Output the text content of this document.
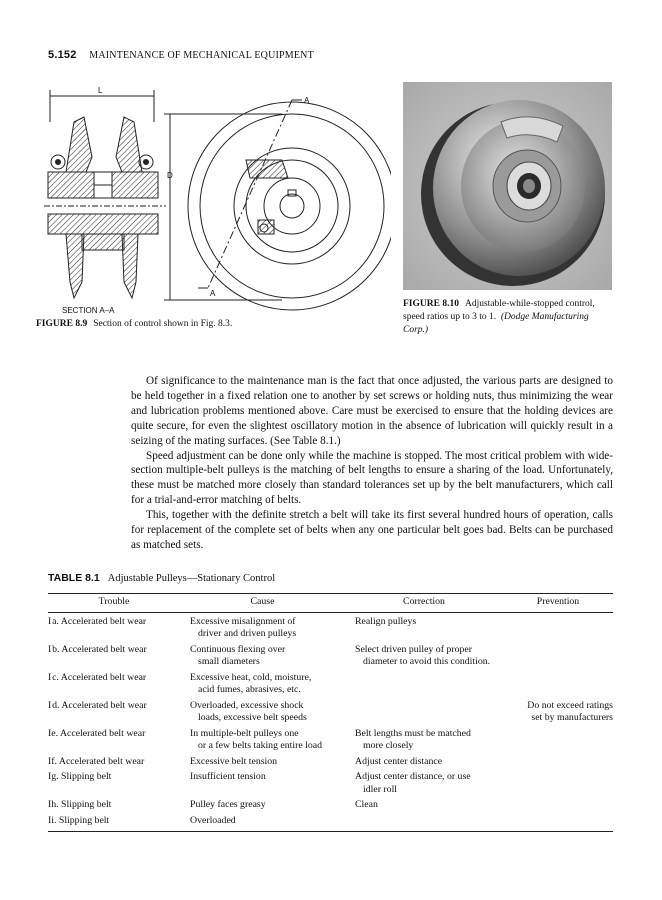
5.152 MAINTENANCE OF MECHANICAL EQUIPMENT
L
D
A
A
SECTION A–A
FIGURE 8.9 Section of control shown in Fig. 8.3.
FIGURE 8.10 Adjustable-while-stopped control,
speed ratios up to 3 to 1. (Dodge Manufacturing
Corp.)

Of significance to the maintenance man is the fact that once adjusted, the various parts are designed to be held together in a fixed relation one to another by set screws or holding nuts, thus minimizing the wear and lubrication problems mentioned above. Care must be exercised to ensure that the holding devices are quite secure, for even the slightest oscillatory motion in the absence of lubrication will quickly result in a seizing of the mating surfaces. (See Table 8.1.)

Speed adjustment can be done only while the machine is stopped. The most critical problem with wide-section multiple-belt pulleys is the matching of belt lengths to ensure a sharing of the load. Unfortunately, these must be matched more closely than standard tolerances set up by the belt manufacturers, which call for a trial-and-error matching of belts.

This, together with the definite stretch a belt will take its first several hundred hours of operation, calls for replacement of the complete set of belts when any one particular belt goes bad. Belts can be purchased as matched sets.

TABLE 8.1 Adjustable Pulleys—Stationary Control
Trouble	Cause	Correction	Prevention
I a. Accelerated belt wear	Excessive misalignment of
driver and driven pulleys	Realign pulleys	

I b. Accelerated belt wear	Continuous flexing over
small diameters	Select driven pulley of proper
diameter to avoid this condition.	

I c. Accelerated belt wear	Excessive heat, cold, moisture,
acid fumes, abrasives, etc.		

I d. Accelerated belt wear	Overloaded, excessive shock
loads, excessive belt speeds		Do not exceed ratings
set by manufacturers

Ie. Accelerated belt wear	In multiple-belt pulleys one
or a few belts taking entire load	Belt lengths must be matched
more closely	

If. Accelerated belt wear	Excessive belt tension	Adjust center distance	

Ig. Slipping belt	Insufficient tension	Adjust center distance, or use
idler roll	

Ih. Slipping belt	Pulley faces greasy	Clean	

Ii. Slipping belt	Overloaded		
